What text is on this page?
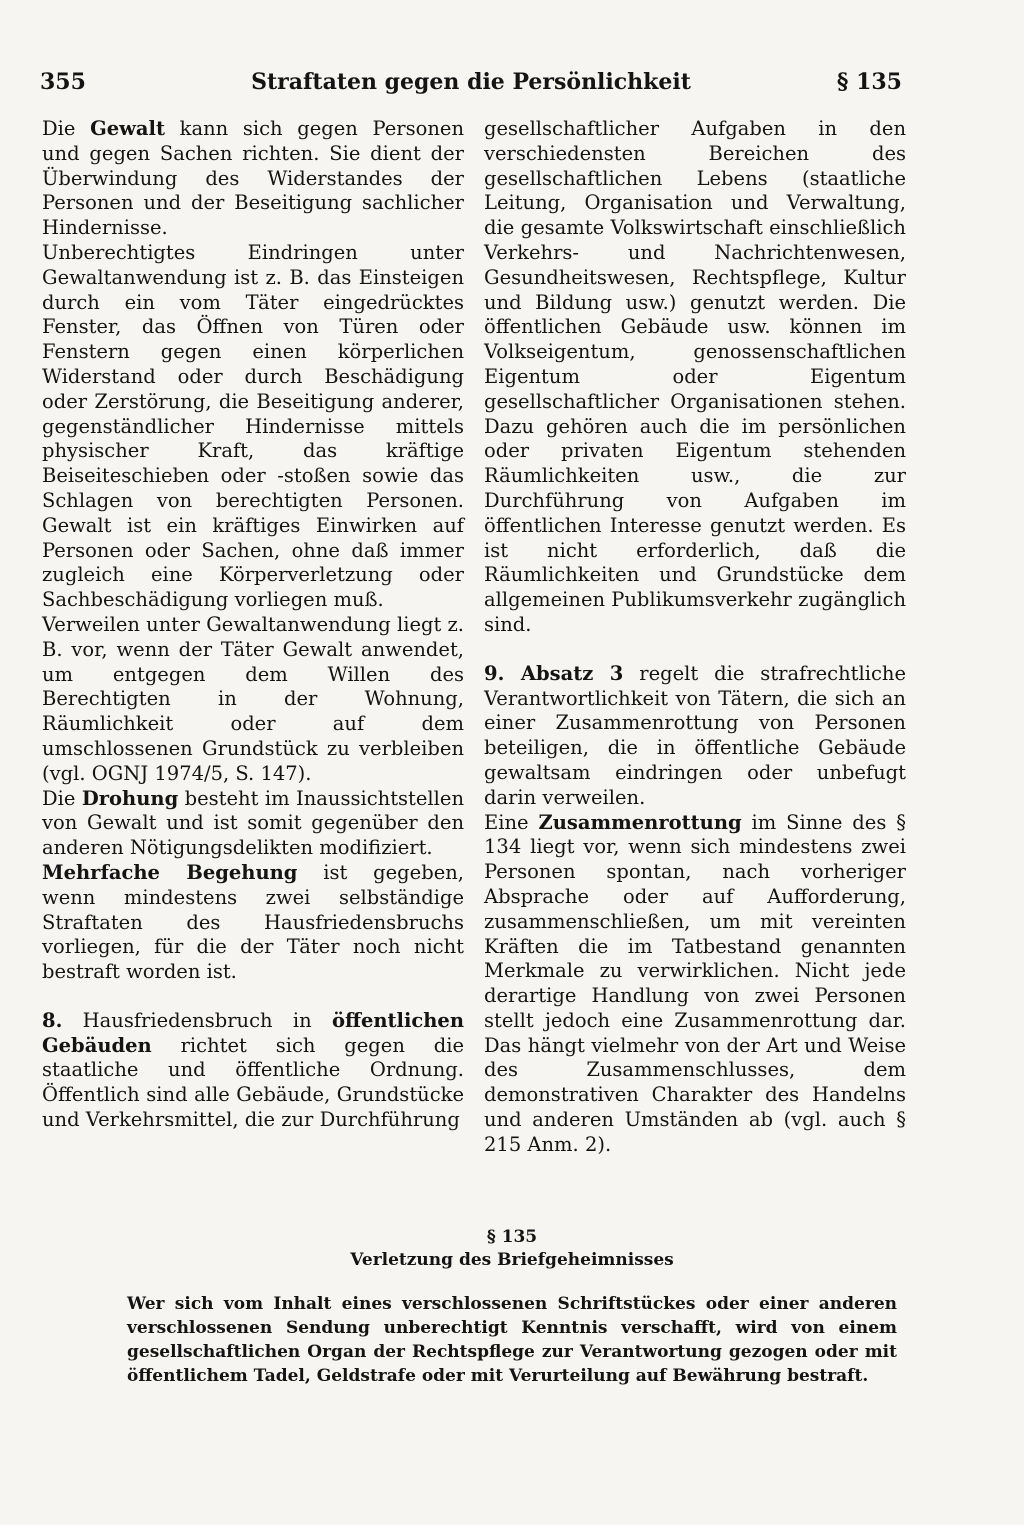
355	Straftaten gegen die Persönlichkeit	§ 135

Die Gewalt kann sich gegen Personen und gegen Sachen richten. Sie dient der Überwindung des Widerstandes der Personen und der Beseitigung sachlicher Hindernisse.

Unberechtigtes Eindringen unter Gewaltanwendung ist z. B. das Einsteigen durch ein vom Täter eingedrücktes Fenster, das Öffnen von Türen oder Fenstern gegen einen körperlichen Widerstand oder durch Beschädigung oder Zerstörung, die Beseitigung anderer, gegenständlicher Hindernisse mittels physischer Kraft, das kräftige Beiseiteschieben oder -stoßen sowie das Schlagen von berechtigten Personen. Gewalt ist ein kräftiges Einwirken auf Personen oder Sachen, ohne daß immer zugleich eine Körperverletzung oder Sachbeschädigung vorliegen muß.

Verweilen unter Gewaltanwendung liegt z. B. vor, wenn der Täter Gewalt anwendet, um entgegen dem Willen des Berechtigten in der Wohnung, Räumlichkeit oder auf dem umschlossenen Grundstück zu verbleiben (vgl. OGNJ 1974/5, S. 147).

Die Drohung besteht im Inaussichtstellen von Gewalt und ist somit gegenüber den anderen Nötigungsdelikten modifiziert.

Mehrfache Begehung ist gegeben, wenn mindestens zwei selbständige Straftaten des Hausfriedensbruchs vorliegen, für die der Täter noch nicht bestraft worden ist.

8. Hausfriedensbruch in öffentlichen Gebäuden richtet sich gegen die staatliche und öffentliche Ordnung. Öffentlich sind alle Gebäude, Grundstücke und Verkehrsmittel, die zur Durchführung

gesellschaftlicher Aufgaben in den verschiedensten Bereichen des gesellschaftlichen Lebens (staatliche Leitung, Organisation und Verwaltung, die gesamte Volkswirtschaft einschließlich Verkehrs- und Nachrichtenwesen, Gesundheitswesen, Rechtspflege, Kultur und Bildung usw.) genutzt werden. Die öffentlichen Gebäude usw. können im Volkseigentum, genossenschaftlichen Eigentum oder Eigentum gesellschaftlicher Organisationen stehen. Dazu gehören auch die im persönlichen oder privaten Eigentum stehenden Räumlichkeiten usw., die zur Durchführung von Aufgaben im öffentlichen Interesse genutzt werden. Es ist nicht erforderlich, daß die Räumlichkeiten und Grundstücke dem allgemeinen Publikumsverkehr zugänglich sind.

9. Absatz 3 regelt die strafrechtliche Verantwortlichkeit von Tätern, die sich an einer Zusammenrottung von Personen beteiligen, die in öffentliche Gebäude gewaltsam eindringen oder unbefugt darin verweilen.

Eine Zusammenrottung im Sinne des § 134 liegt vor, wenn sich mindestens zwei Personen spontan, nach vorheriger Absprache oder auf Aufforderung, zusammenschließen, um mit vereinten Kräften die im Tatbestand genannten Merkmale zu verwirklichen. Nicht jede derartige Handlung von zwei Personen stellt jedoch eine Zusammenrottung dar. Das hängt vielmehr von der Art und Weise des Zusammenschlusses, dem demonstrativen Charakter des Handelns und anderen Umständen ab (vgl. auch § 215 Anm. 2).

§ 135
Verletzung des Briefgeheimnisses
Wer sich vom Inhalt eines verschlossenen Schriftstückes oder einer anderen verschlossenen Sendung unberechtigt Kenntnis verschafft, wird von einem gesellschaftlichen Organ der Rechtspflege zur Verantwortung gezogen oder mit öffentlichem Tadel, Geldstrafe oder mit Verurteilung auf Bewährung bestraft.
